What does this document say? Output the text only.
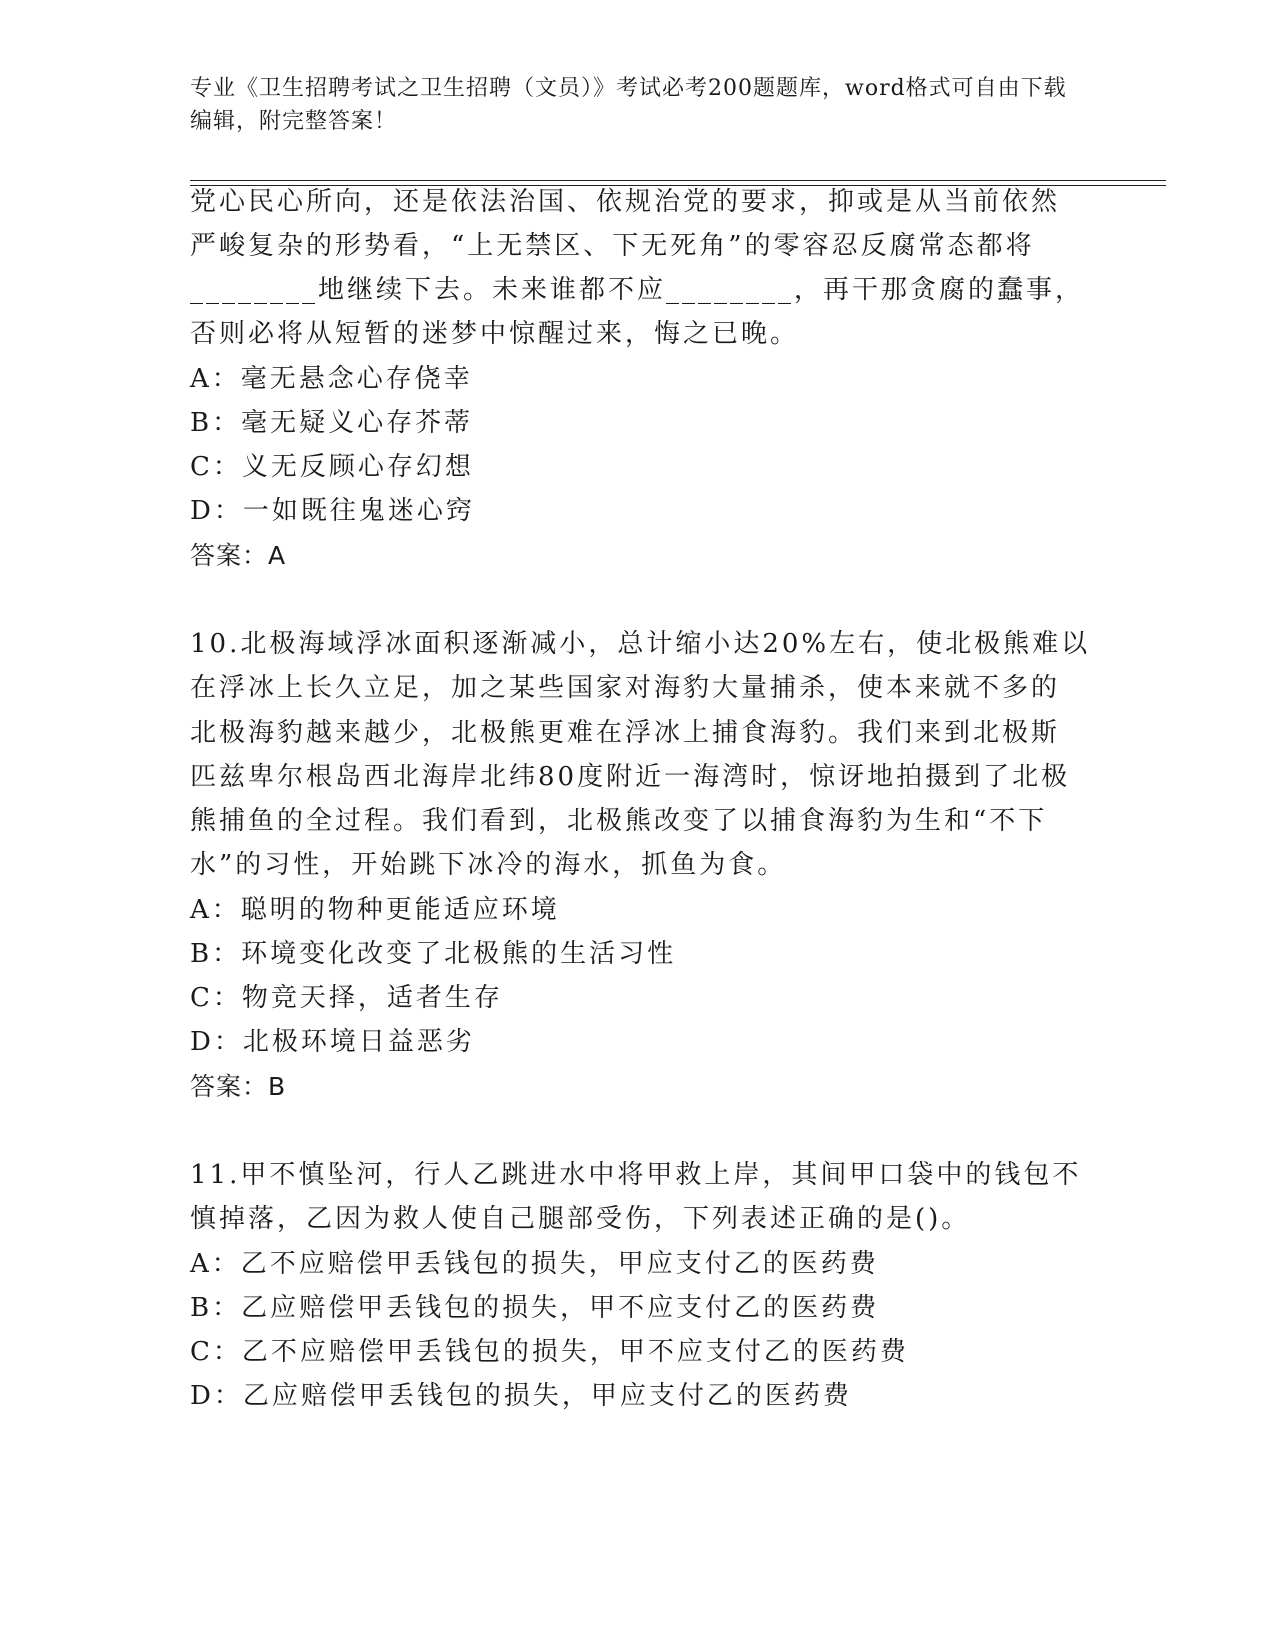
专业《卫生招聘考试之卫生招聘（文员）》考试必考200题题库，word格式可自由下载编辑，附完整答案！
党心民心所向，还是依法治国、依规治党的要求，抑或是从当前依然
严峻复杂的形势看，“上无禁区、下无死角”的零容忍反腐常态都将
________地继续下去。未来谁都不应________，再干那贪腐的蠢事，
否则必将从短暂的迷梦中惊醒过来，悔之已晚。
A：毫无悬念心存侥幸
B：毫无疑义心存芥蒂
C：义无反顾心存幻想
D：一如既往鬼迷心窍
答案：A
10.北极海域浮冰面积逐渐减小，总计缩小达20%左右，使北极熊难以
在浮冰上长久立足，加之某些国家对海豹大量捕杀，使本来就不多的
北极海豹越来越少，北极熊更难在浮冰上捕食海豹。我们来到北极斯
匹兹卑尔根岛西北海岸北纬80度附近一海湾时，惊讶地拍摄到了北极
熊捕鱼的全过程。我们看到，北极熊改变了以捕食海豹为生和“不下
水”的习性，开始跳下冰冷的海水，抓鱼为食。
A：聪明的物种更能适应环境
B：环境变化改变了北极熊的生活习性
C：物竞天择，适者生存
D：北极环境日益恶劣
答案：B
11.甲不慎坠河，行人乙跳进水中将甲救上岸，其间甲口袋中的钱包不
慎掉落，乙因为救人使自己腿部受伤，下列表述正确的是()。
A：乙不应赔偿甲丢钱包的损失，甲应支付乙的医药费
B：乙应赔偿甲丢钱包的损失，甲不应支付乙的医药费
C：乙不应赔偿甲丢钱包的损失，甲不应支付乙的医药费
D：乙应赔偿甲丢钱包的损失，甲应支付乙的医药费
